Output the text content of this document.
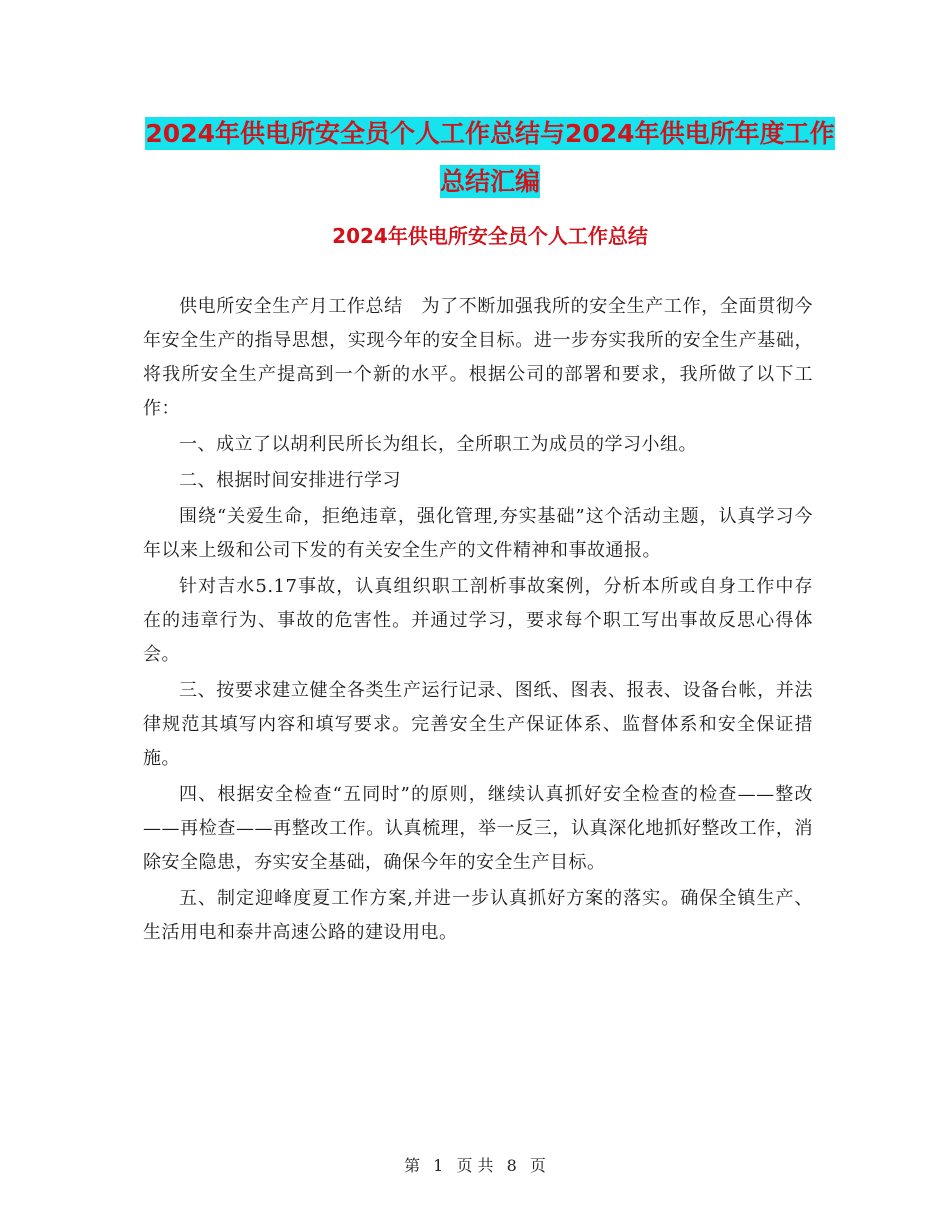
2024年供电所安全员个人工作总结与2024年供电所年度工作总结汇编
2024年供电所安全员个人工作总结

供电所安全生产月工作总结　为了不断加强我所的安全生产工作，全面贯彻今年安全生产的指导思想，实现今年的安全目标。进一步夯实我所的安全生产基础，将我所安全生产提高到一个新的水平。根据公司的部署和要求，我所做了以下工作：

一、成立了以胡利民所长为组长，全所职工为成员的学习小组。

二、根据时间安排进行学习

围绕“关爱生命，拒绝违章，强化管理,夯实基础”这个活动主题，认真学习今年以来上级和公司下发的有关安全生产的文件精神和事故通报。

针对吉水5.17事故，认真组织职工剖析事故案例，分析本所或自身工作中存在的违章行为、事故的危害性。并通过学习，要求每个职工写出事故反思心得体会。

三、按要求建立健全各类生产运行记录、图纸、图表、报表、设备台帐，并法律规范其填写内容和填写要求。完善安全生产保证体系、监督体系和安全保证措施。

四、根据安全检查“五同时”的原则，继续认真抓好安全检查的检查——整改——再检查——再整改工作。认真梳理，举一反三，认真深化地抓好整改工作，消除安全隐患，夯实安全基础，确保今年的安全生产目标。

五、制定迎峰度夏工作方案,并进一步认真抓好方案的落实。确保全镇生产、生活用电和泰井高速公路的建设用电。

第 1 页 共 8 页
